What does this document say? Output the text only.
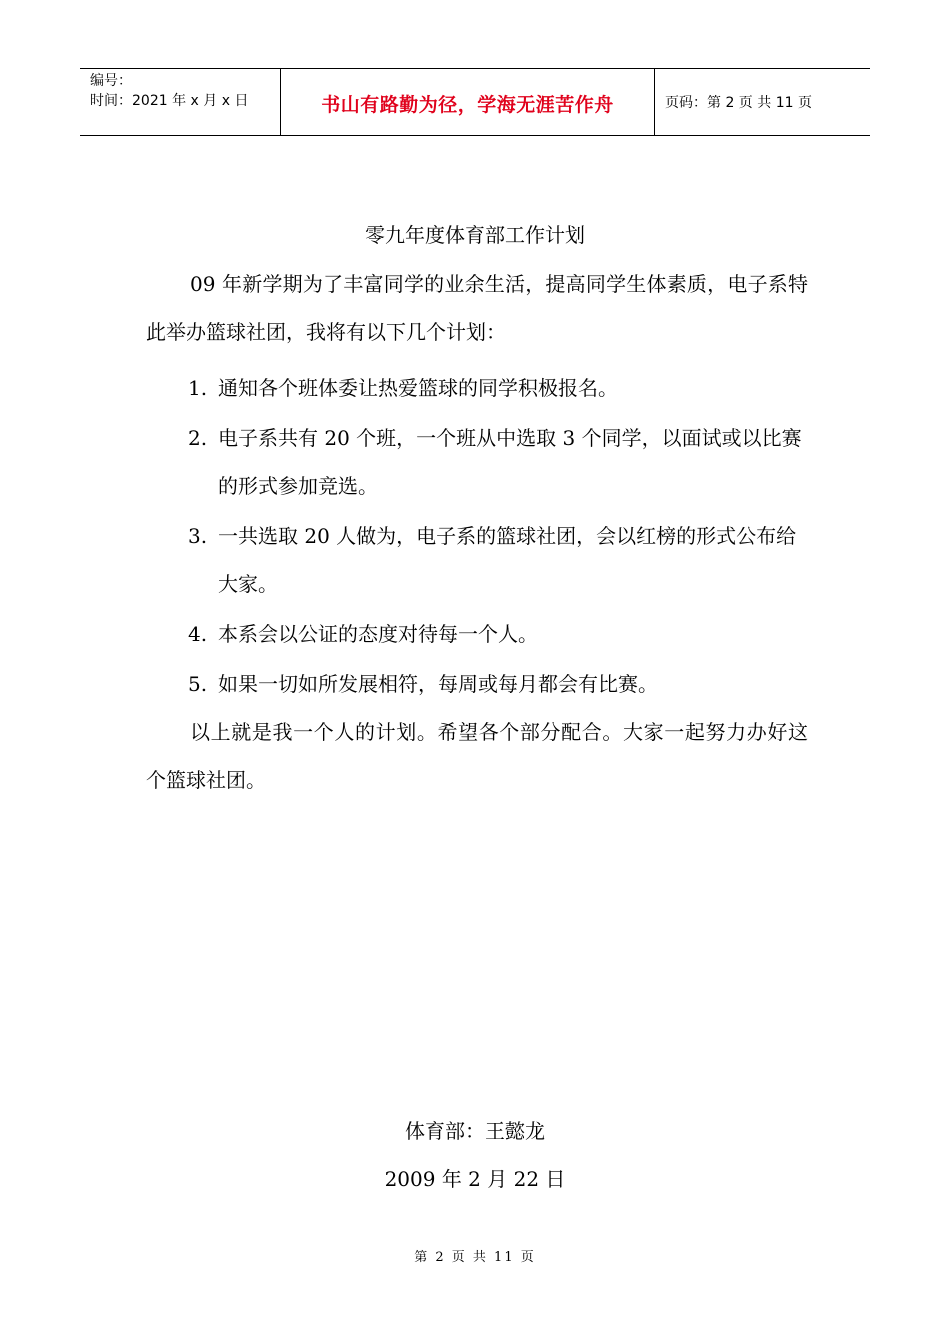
编号：
时间：2021 年 x 月 x 日	书山有路勤为径，学海无涯苦作舟	页码：第 2 页 共 11 页
零九年度体育部工作计划

09 年新学期为了丰富同学的业余生活，提高同学生体素质，电子系特此举办篮球社团，我将有以下几个计划：

1. 通知各个班体委让热爱篮球的同学积极报名。
2. 电子系共有 20 个班，一个班从中选取 3 个同学，以面试或以比赛的形式参加竞选。
3. 一共选取 20 人做为，电子系的篮球社团，会以红榜的形式公布给大家。
4. 本系会以公证的态度对待每一个人。
5. 如果一切如所发展相符，每周或每月都会有比赛。

以上就是我一个人的计划。希望各个部分配合。大家一起努力办好这个篮球社团。

体育部：王懿龙
2009 年 2 月 22 日
第 2 页 共 11 页
